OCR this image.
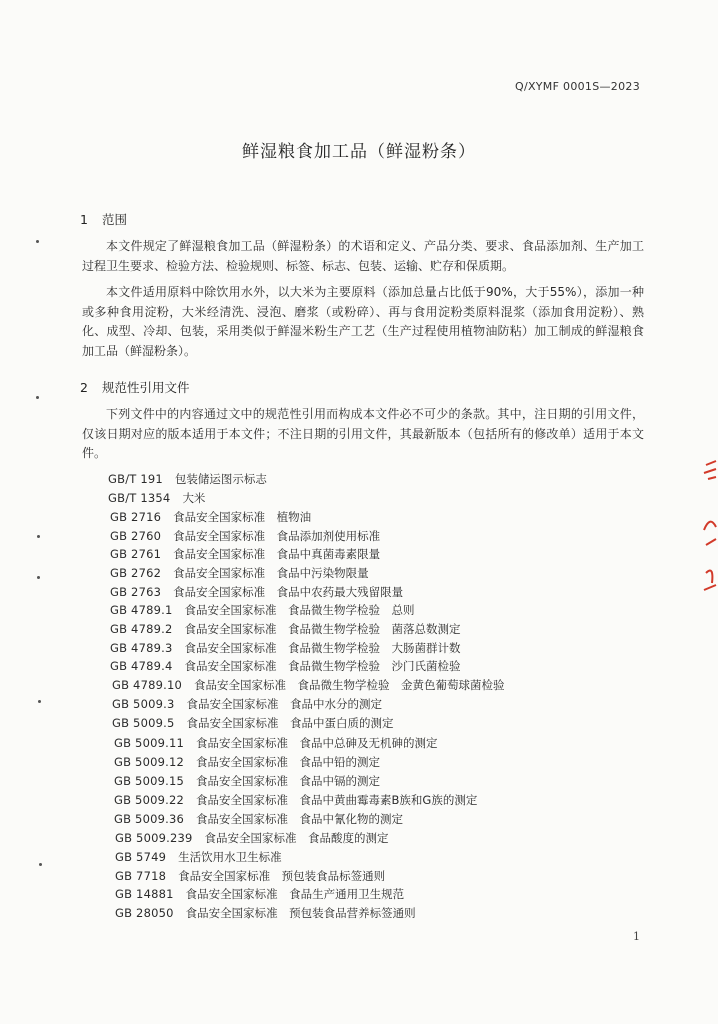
Q/XYMF 0001S—2023
鲜湿粮食加工品（鲜湿粉条）
1 范围
本文件规定了鲜湿粮食加工品（鲜湿粉条）的术语和定义、产品分类、要求、食品添加剂、生产加工过程卫生要求、检验方法、检验规则、标签、标志、包装、运输、贮存和保质期。
本文件适用原料中除饮用水外，以大米为主要原料（添加总量占比低于90%，大于55%），添加一种或多种食用淀粉，大米经清洗、浸泡、磨浆（或粉碎）、再与食用淀粉类原料混浆（添加食用淀粉）、熟化、成型、冷却、包装，采用类似于鲜湿米粉生产工艺（生产过程使用植物油防粘）加工制成的鲜湿粮食加工品（鲜湿粉条）。
2 规范性引用文件
下列文件中的内容通过文中的规范性引用而构成本文件必不可少的条款。其中，注日期的引用文件，仅该日期对应的版本适用于本文件；不注日期的引用文件，其最新版本（包括所有的修改单）适用于本文件。
GB/T 191 包装储运图示标志
GB/T 1354 大米
GB 2716 食品安全国家标准　植物油
GB 2760 食品安全国家标准　食品添加剂使用标准
GB 2761 食品安全国家标准　食品中真菌毒素限量
GB 2762 食品安全国家标准　食品中污染物限量
GB 2763 食品安全国家标准　食品中农药最大残留限量
GB 4789.1 食品安全国家标准　食品微生物学检验　总则
GB 4789.2 食品安全国家标准　食品微生物学检验　菌落总数测定
GB 4789.3 食品安全国家标准　食品微生物学检验　大肠菌群计数
GB 4789.4 食品安全国家标准　食品微生物学检验　沙门氏菌检验
GB 4789.10 食品安全国家标准　食品微生物学检验　金黄色葡萄球菌检验
GB 5009.3 食品安全国家标准　食品中水分的测定
GB 5009.5 食品安全国家标准　食品中蛋白质的测定
GB 5009.11 食品安全国家标准　食品中总砷及无机砷的测定
GB 5009.12 食品安全国家标准　食品中铅的测定
GB 5009.15 食品安全国家标准　食品中镉的测定
GB 5009.22 食品安全国家标准　食品中黄曲霉毒素B族和G族的测定
GB 5009.36 食品安全国家标准　食品中氰化物的测定
GB 5009.239 食品安全国家标准　食品酸度的测定
GB 5749 生活饮用水卫生标准
GB 7718 食品安全国家标准　预包装食品标签通则
GB 14881 食品安全国家标准　食品生产通用卫生规范
GB 28050 食品安全国家标准　预包装食品营养标签通则
1
